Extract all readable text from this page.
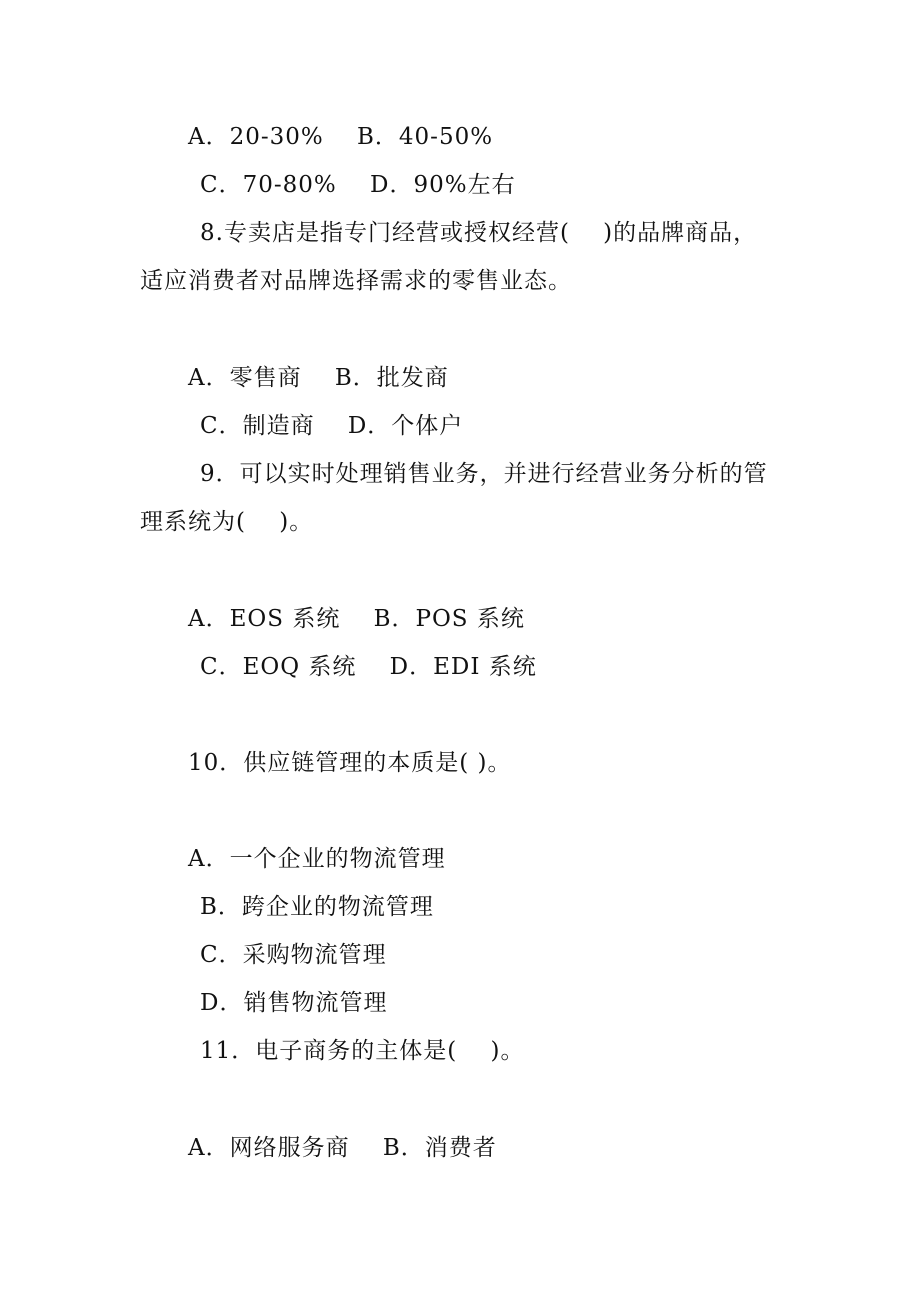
A．20-30%    B．40-50%
C．70-80%    D．90%左右
8.专卖店是指专门经营或授权经营(    )的品牌商品，
适应消费者对品牌选择需求的零售业态。
A．零售商    B．批发商
C．制造商    D．个体户
9．可以实时处理销售业务，并进行经营业务分析的管
理系统为(    )。
A．EOS 系统    B．POS 系统
C．EOQ 系统    D．EDI 系统
10．供应链管理的本质是( )。
A．一个企业的物流管理
B．跨企业的物流管理
C．采购物流管理
D．销售物流管理
11．电子商务的主体是(    )。
A．网络服务商    B．消费者
